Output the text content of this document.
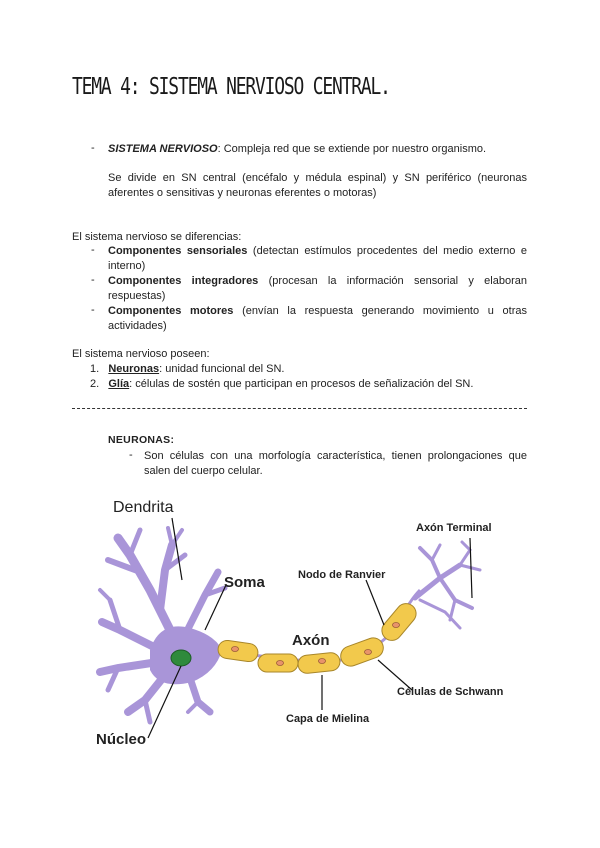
TEMA 4: SISTEMA NERVIOSO CENTRAL.
- SISTEMA NERVIOSO: Compleja red que se extiende por nuestro organismo.
Se divide en SN central (encéfalo y médula espinal) y SN periférico (neuronas
aferentes o sensitivas y neuronas eferentes o motoras)
El sistema nervioso se diferencias:
- Componentes sensoriales (detectan estímulos procedentes del medio externo e
interno)
- Componentes integradores (procesan la información sensorial y elaboran
respuestas)
- Componentes motores (envían la respuesta generando movimiento u otras
actividades)
El sistema nervioso poseen:
1. Neuronas: unidad funcional del SN.
2. Glía: células de sostén que participan en procesos de señalización del SN.
NEURONAS:
- Son células con una morfología característica, tienen prolongaciones que
salen del cuerpo celular.
Dendrita
Soma
Axón
Núcleo
Capa de Mielina
Nodo de Ranvier
Axón Terminal
Células de Schwann
